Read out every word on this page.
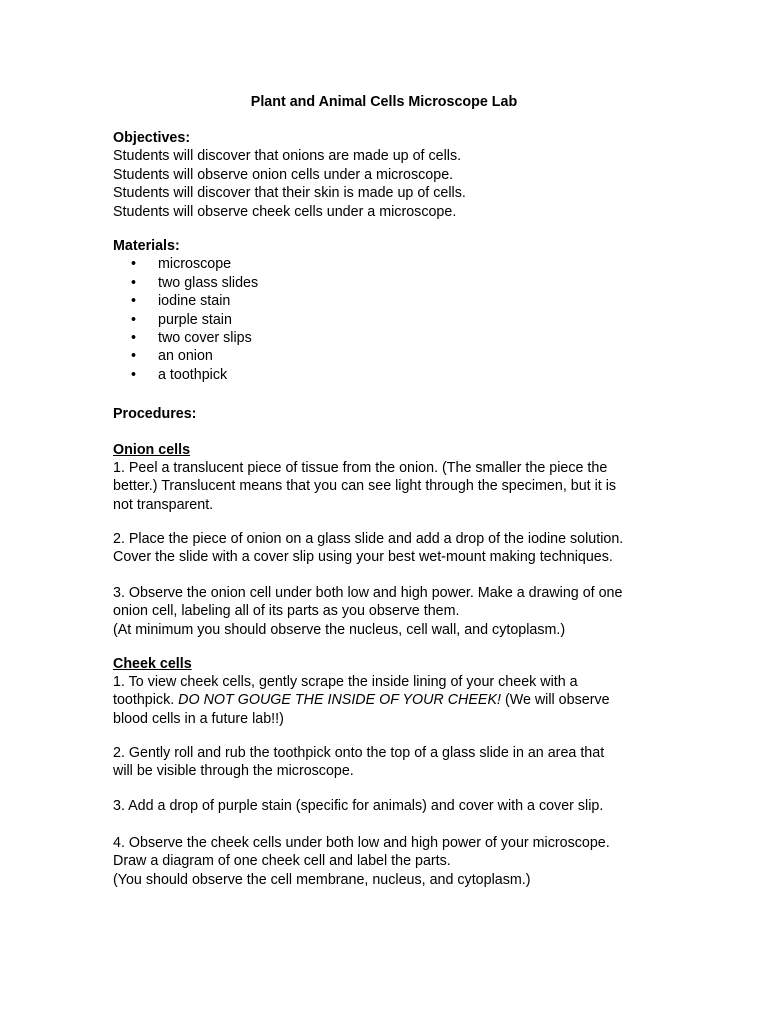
Plant and Animal Cells Microscope Lab
Objectives:
Students will discover that onions are made up of cells.
Students will observe onion cells under a microscope.
Students will discover that their skin is made up of cells.
Students will observe cheek cells under a microscope.
Materials:
• microscope
• two glass slides
• iodine stain
• purple stain
• two cover slips
• an onion
• a toothpick
Procedures:
Onion cells
1. Peel a translucent piece of tissue from the onion. (The smaller the piece the
better.) Translucent means that you can see light through the specimen, but it is
not transparent.
2. Place the piece of onion on a glass slide and add a drop of the iodine solution.
Cover the slide with a cover slip using your best wet-mount making techniques.
3. Observe the onion cell under both low and high power. Make a drawing of one
onion cell, labeling all of its parts as you observe them.
(At minimum you should observe the nucleus, cell wall, and cytoplasm.)
Cheek cells
1. To view cheek cells, gently scrape the inside lining of your cheek with a
toothpick. DO NOT GOUGE THE INSIDE OF YOUR CHEEK! (We will observe
blood cells in a future lab!!)
2. Gently roll and rub the toothpick onto the top of a glass slide in an area that
will be visible through the microscope.
3. Add a drop of purple stain (specific for animals) and cover with a cover slip.
4. Observe the cheek cells under both low and high power of your microscope.
Draw a diagram of one cheek cell and label the parts.
(You should observe the cell membrane, nucleus, and cytoplasm.)
